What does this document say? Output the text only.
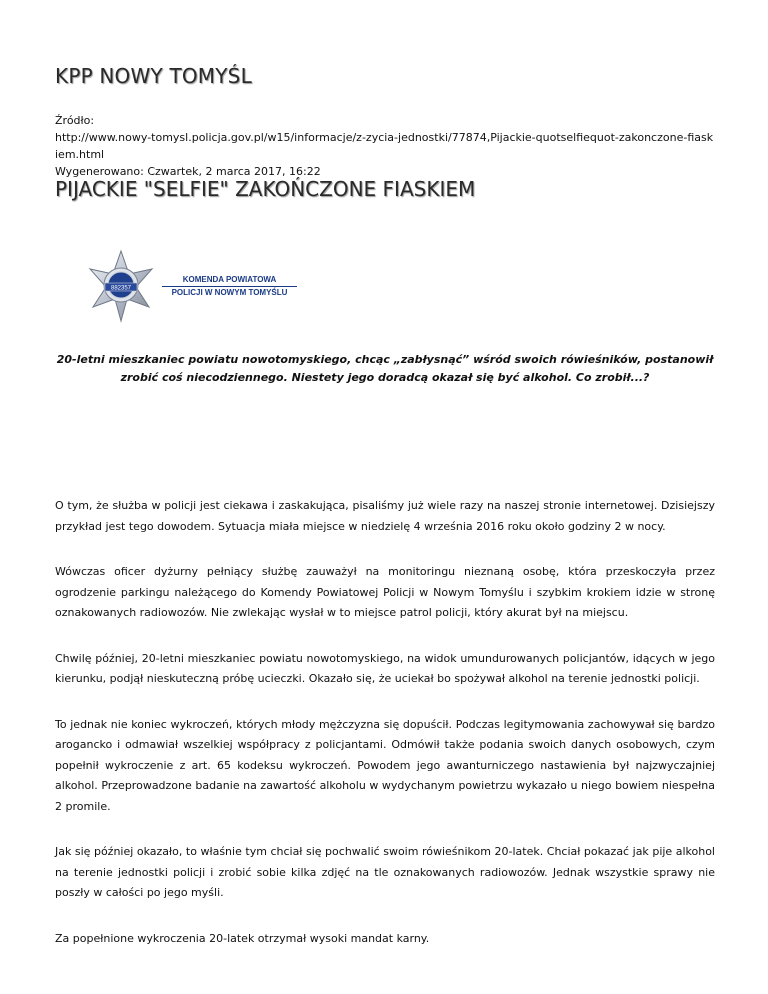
KPP NOWY TOMYŚL
Źródło:
http://www.nowy-tomysl.policja.gov.pl/w15/informacje/z-zycia-jednostki/77874,Pijackie-quotselfiequot-zakonczone-fiaskiem.html
Wygenerowano: Czwartek, 2 marca 2017, 16:22
PIJACKIE "SELFIE" ZAKOŃCZONE FIASKIEM
882357
KOMENDA POWIATOWA
POLICJI W NOWYM TOMYŚLU

20-letni mieszkaniec powiatu nowotomyskiego, chcąc „zabłysnąć” wśród swoich rówieśników, postanowił zrobić coś niecodziennego. Niestety jego doradcą okazał się być alkohol. Co zrobił...?

O tym, że służba w policji jest ciekawa i zaskakująca, pisaliśmy już wiele razy na naszej stronie internetowej. Dzisiejszy przykład jest tego dowodem. Sytuacja miała miejsce w niedzielę 4 września 2016 roku około godziny 2 w nocy.

Wówczas oficer dyżurny pełniący służbę zauważył na monitoringu nieznaną osobę, która przeskoczyła przez ogrodzenie parkingu należącego do Komendy Powiatowej Policji w Nowym Tomyślu i szybkim krokiem idzie w stronę oznakowanych radiowozów. Nie zwlekając wysłał w to miejsce patrol policji, który akurat był na miejscu.

Chwilę później, 20-letni mieszkaniec powiatu nowotomyskiego, na widok umundurowanych policjantów, idących w jego kierunku, podjął nieskuteczną próbę ucieczki. Okazało się, że uciekał bo spożywał alkohol na terenie jednostki policji.

To jednak nie koniec wykroczeń, których młody mężczyzna się dopuścił. Podczas legitymowania zachowywał się bardzo arogancko i odmawiał wszelkiej współpracy z policjantami. Odmówił także podania swoich danych osobowych, czym popełnił wykroczenie z art. 65 kodeksu wykroczeń. Powodem jego awanturniczego nastawienia był najzwyczajniej alkohol. Przeprowadzone badanie na zawartość alkoholu w wydychanym powietrzu wykazało u niego bowiem niespełna 2 promile.

Jak się później okazało, to właśnie tym chciał się pochwalić swoim rówieśnikom 20-latek. Chciał pokazać jak pije alkohol na terenie jednostki policji i zrobić sobie kilka zdjęć na tle oznakowanych radiowozów. Jednak wszystkie sprawy nie poszły w całości po jego myśli.

Za popełnione wykroczenia 20-latek otrzymał wysoki mandat karny.
